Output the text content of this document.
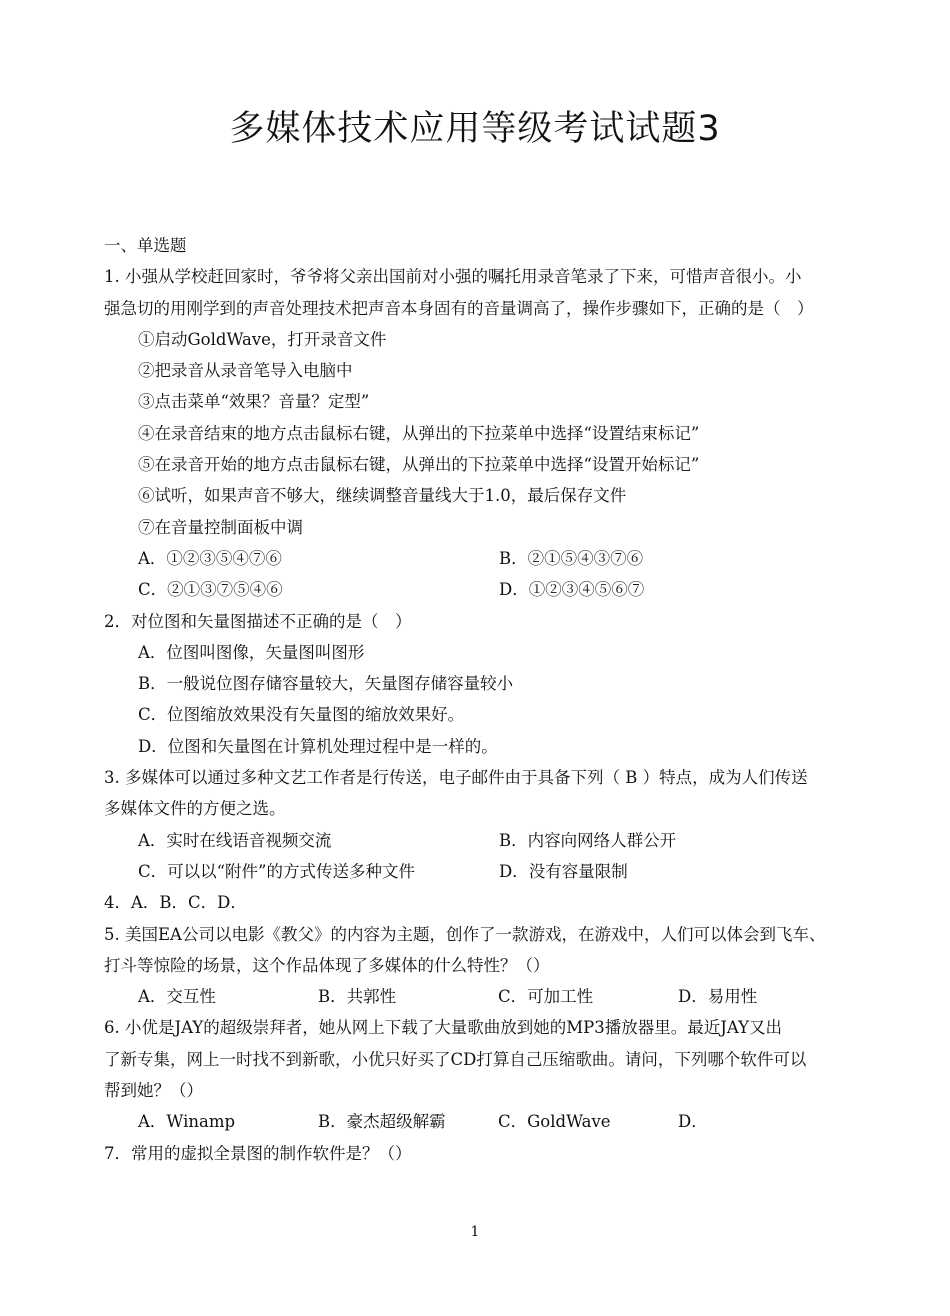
多媒体技术应用等级考试试题3
一、单选题
1. 小强从学校赶回家时，爷爷将父亲出国前对小强的嘱托用录音笔录了下来，可惜声音很小。小
强急切的用刚学到的声音处理技术把声音本身固有的音量调高了，操作步骤如下，正确的是（　）
①启动GoldWave，打开录音文件
②把录音从录音笔导入电脑中
③点击菜单“效果？音量？定型”
④在录音结束的地方点击鼠标右键，从弹出的下拉菜单中选择“设置结束标记”
⑤在录音开始的地方点击鼠标右键，从弹出的下拉菜单中选择“设置开始标记”
⑥试听，如果声音不够大，继续调整音量线大于1.0，最后保存文件
⑦在音量控制面板中调
A．①②③⑤④⑦⑥	B．②①⑤④③⑦⑥
C．②①③⑦⑤④⑥	D．①②③④⑤⑥⑦
2．对位图和矢量图描述不正确的是（　）
A．位图叫图像，矢量图叫图形
B．一般说位图存储容量较大，矢量图存储容量较小
C．位图缩放效果没有矢量图的缩放效果好。
D．位图和矢量图在计算机处理过程中是一样的。
3. 多媒体可以通过多种文艺工作者是行传送，电子邮件由于具备下列（ B ）特点，成为人们传送
多媒体文件的方便之选。
A．实时在线语音视频交流	B．内容向网络人群公开
C．可以以“附件”的方式传送多种文件	D．没有容量限制
4．A．B．C．D．
5. 美国EA公司以电影《教父》的内容为主题，创作了一款游戏，在游戏中，人们可以体会到飞车、
打斗等惊险的场景，这个作品体现了多媒体的什么特性？（）
A．交互性	B．共郭性	C．可加工性	D．易用性
6. 小优是JAY的超级崇拜者，她从网上下载了大量歌曲放到她的MP3播放器里。最近JAY又出
了新专集，网上一时找不到新歌，小优只好买了CD打算自己压缩歌曲。请问，下列哪个软件可以
帮到她？（）
A．Winamp	B．豪杰超级解霸	C．GoldWave	D．
7．常用的虚拟全景图的制作软件是？（）
1
